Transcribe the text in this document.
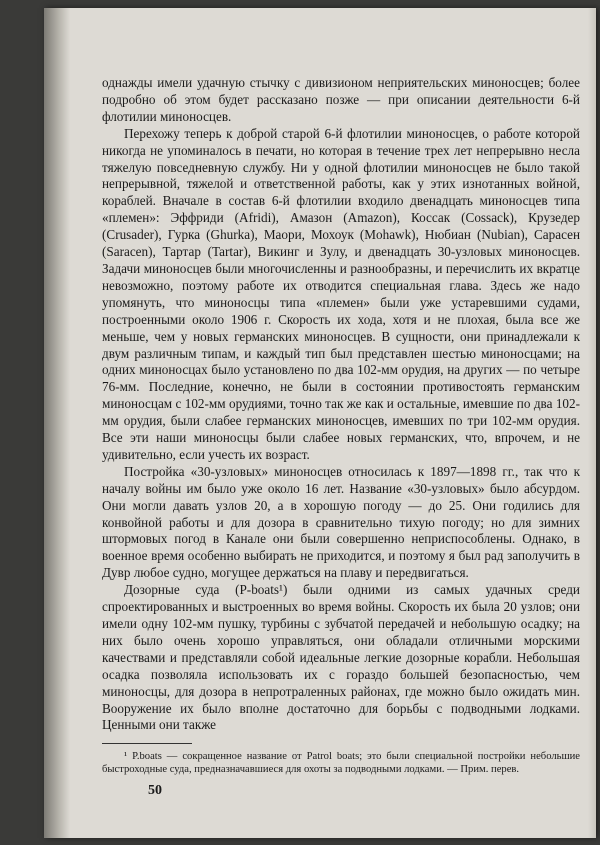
однажды имели удачную стычку с дивизионом неприятельских миноносцев; более подробно об этом будет рассказано позже — при описании деятельности 6-й флотилии миноносцев.

Перехожу теперь к доброй старой 6-й флотилии миноносцев, о работе которой никогда не упоминалось в печати, но которая в течение трех лет непрерывно несла тяжелую повседневную службу. Ни у одной флотилии миноносцев не было такой непрерывной, тяжелой и ответственной работы, как у этих изнотанных войной, кораблей. Вначале в состав 6-й флотилии входило двенадцать миноносцев типа «племен»: Эффриди (Afridi), Амазон (Amazon), Коссак (Cossack), Крузедер (Crusader), Гурка (Ghurka), Маори, Мохоук (Mohawk), Нюбиан (Nubian), Сарасен (Saracen), Тартар (Tartar), Викинг и Зулу, и двенадцать 30-узловых миноносцев. Задачи миноносцев были многочисленны и разнообразны, и перечислить их вкратце невозможно, поэтому работе их отводится специальная глава. Здесь же надо упомянуть, что миноносцы типа «племен» были уже устаревшими судами, построенными около 1906 г. Скорость их хода, хотя и не плохая, была все же меньше, чем у новых германских миноносцев. В сущности, они принадлежали к двум различным типам, и каждый тип был представлен шестью миноносцами; на одних миноносцах было установлено по два 102-мм орудия, на других — по четыре 76-мм. Последние, конечно, не были в состоянии противостоять германским миноносцам с 102-мм орудиями, точно так же как и остальные, имевшие по два 102-мм орудия, были слабее германских миноносцев, имевших по три 102-мм орудия. Все эти наши миноносцы были слабее новых германских, что, впрочем, и не удивительно, если учесть их возраст.

Постройка «30-узловых» миноносцев относилась к 1897—1898 гг., так что к началу войны им было уже около 16 лет. Название «30-узловых» было абсурдом. Они могли давать узлов 20, а в хорошую погоду — до 25. Они годились для конвойной работы и для дозора в сравнительно тихую погоду; но для зимних штормовых погод в Канале они были совершенно неприспособлены. Однако, в военное время особенно выбирать не приходится, и поэтому я был рад заполучить в Дувр любое судно, могущее держаться на плаву и передвигаться.

Дозорные суда (P-boats¹) были одними из самых удачных среди спроектированных и выстроенных во время войны. Скорость их была 20 узлов; они имели одну 102-мм пушку, турбины с зубчатой передачей и небольшую осадку; на них было очень хорошо управляться, они обладали отличными морскими качествами и представляли собой идеальные легкие дозорные корабли. Небольшая осадка позволяла использовать их с гораздо большей безопасностью, чем миноносцы, для дозора в непротраленных районах, где можно было ожидать мин. Вооружение их было вполне достаточно для борьбы с подводными лодками. Ценными они также

¹ P.boats — сокращенное название от Patrol boats; это были специальной постройки небольшие быстроходные суда, предназначавшиеся для охоты за подводными лодками. — Прим. перев.

50
